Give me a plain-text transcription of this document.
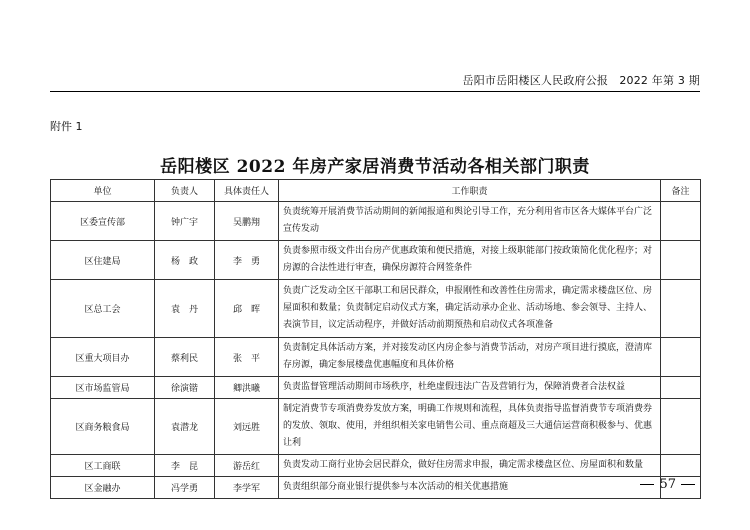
岳阳市岳阳楼区人民政府公报　2022 年第 3 期
附件 1
岳阳楼区 2022 年房产家居消费节活动各相关部门职责
单位	负责人	具体责任人	工作职责	备注
区委宣传部	钟广宇	吴鹏翔	负责统筹开展消费节活动期间的新闻报道和舆论引导工作，充分利用省市区各大媒体平台广泛宣传发动	
区住建局	杨　政	李　勇	负责参照市级文件出台房产优惠政策和便民措施，对接上级职能部门按政策简化优化程序；对房源的合法性进行审查，确保房源符合网签条件	
区总工会	袁　丹	邱　晖	负责广泛发动全区干部职工和居民群众，申报刚性和改善性住房需求，确定需求楼盘区位、房屋面积和数量；负责制定启动仪式方案，确定活动承办企业、活动场地、参会领导、主持人、表演节目，议定活动程序，并做好活动前期预热和启动仪式各项准备	
区重大项目办	蔡利民	张　平	负责制定具体活动方案，并对接发动区内房企参与消费节活动，对房产项目进行摸底，澄清库存房源，确定参展楼盘优惠幅度和具体价格	
区市场监管局	徐演锴	卿洪曦	负责监督管理活动期间市场秩序，杜绝虚假违法广告及营销行为，保障消费者合法权益	
区商务粮食局	袁潜龙	刘远胜	制定消费节专项消费券发放方案，明确工作规则和流程，具体负责指导监督消费节专项消费券的发放、领取、使用，并组织相关家电销售公司、重点商超及三大通信运营商积极参与、优惠让利	
区工商联	李　昆	游岳红	负责发动工商行业协会居民群众，做好住房需求申报，确定需求楼盘区位、房屋面积和数量	
区金融办	冯学勇	李学军	负责组织部分商业银行提供参与本次活动的相关优惠措施		57
